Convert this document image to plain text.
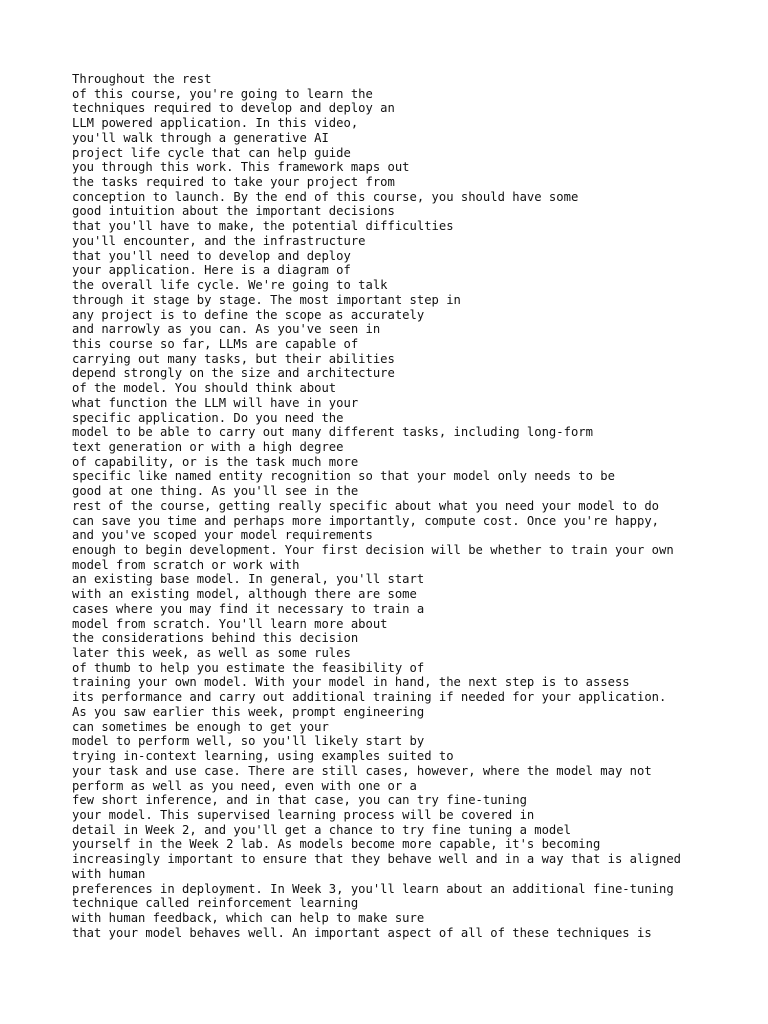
Throughout the rest
of this course, you're going to learn the
techniques required to develop and deploy an
LLM powered application. In this video,
you'll walk through a generative AI
project life cycle that can help guide
you through this work. This framework maps out
the tasks required to take your project from
conception to launch. By the end of this course, you should have some
good intuition about the important decisions
that you'll have to make, the potential difficulties
you'll encounter, and the infrastructure
that you'll need to develop and deploy
your application. Here is a diagram of
the overall life cycle. We're going to talk
through it stage by stage. The most important step in
any project is to define the scope as accurately
and narrowly as you can. As you've seen in
this course so far, LLMs are capable of
carrying out many tasks, but their abilities
depend strongly on the size and architecture
of the model. You should think about
what function the LLM will have in your
specific application. Do you need the
model to be able to carry out many different tasks, including long-form
text generation or with a high degree
of capability, or is the task much more
specific like named entity recognition so that your model only needs to be
good at one thing. As you'll see in the
rest of the course, getting really specific about what you need your model to do
can save you time and perhaps more importantly, compute cost. Once you're happy,
and you've scoped your model requirements
enough to begin development. Your first decision will be whether to train your own
model from scratch or work with
an existing base model. In general, you'll start
with an existing model, although there are some
cases where you may find it necessary to train a
model from scratch. You'll learn more about
the considerations behind this decision
later this week, as well as some rules
of thumb to help you estimate the feasibility of
training your own model. With your model in hand, the next step is to assess
its performance and carry out additional training if needed for your application.
As you saw earlier this week, prompt engineering
can sometimes be enough to get your
model to perform well, so you'll likely start by
trying in-context learning, using examples suited to
your task and use case. There are still cases, however, where the model may not
perform as well as you need, even with one or a
few short inference, and in that case, you can try fine-tuning
your model. This supervised learning process will be covered in
detail in Week 2, and you'll get a chance to try fine tuning a model
yourself in the Week 2 lab. As models become more capable, it's becoming
increasingly important to ensure that they behave well and in a way that is aligned
with human
preferences in deployment. In Week 3, you'll learn about an additional fine-tuning
technique called reinforcement learning
with human feedback, which can help to make sure
that your model behaves well. An important aspect of all of these techniques is
